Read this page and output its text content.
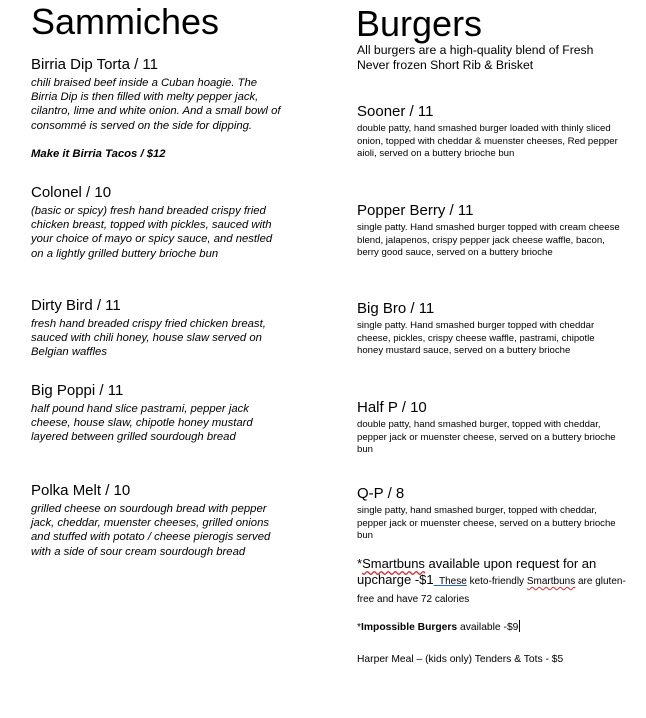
Sammiches
Birria Dip Torta / 11
chili braised beef inside a Cuban hoagie. The Birria Dip is then filled with melty pepper jack, cilantro, lime and white onion. And a small bowl of consommé is served on the side for dipping.
Make it Birria Tacos / $12
Colonel / 10
(basic or spicy) fresh hand breaded crispy fried chicken breast, topped with pickles, sauced with your choice of mayo or spicy sauce, and nestled on a lightly grilled buttery brioche bun
Dirty Bird / 11
fresh hand breaded crispy fried chicken breast, sauced with chili honey, house slaw served on Belgian waffles
Big Poppi / 11
half pound hand slice pastrami, pepper jack cheese, house slaw, chipotle honey mustard layered between grilled sourdough bread
Polka Melt / 10
grilled cheese on sourdough bread with pepper jack, cheddar, muenster cheeses, grilled onions and stuffed with potato / cheese pierogis served with a side of sour cream sourdough bread
Burgers
All burgers are a high-quality blend of Fresh Never frozen Short Rib & Brisket
Sooner / 11
double patty, hand smashed burger loaded with thinly sliced onion, topped with cheddar & muenster cheeses, Red pepper aioli, served on a buttery brioche bun
Popper Berry / 11
single patty. Hand smashed burger topped with cream cheese blend, jalapenos, crispy pepper jack cheese waffle, bacon, berry good sauce, served on a buttery brioche
Big Bro / 11
single patty. Hand smashed burger topped with cheddar cheese, pickles, crispy cheese waffle, pastrami, chipotle honey mustard sauce, served on a buttery brioche
Half P / 10
double patty, hand smashed burger, topped with cheddar, pepper jack or muenster cheese, served on a buttery brioche bun
Q-P / 8
single patty, hand smashed burger, topped with cheddar, pepper jack or muenster cheese, served on a buttery brioche bun
*Smartbuns available upon request for an upcharge -$1 These keto-friendly Smartbuns are gluten-free and have 72 calories
*Impossible Burgers available -$9
Harper Meal – (kids only) Tenders & Tots - $5
